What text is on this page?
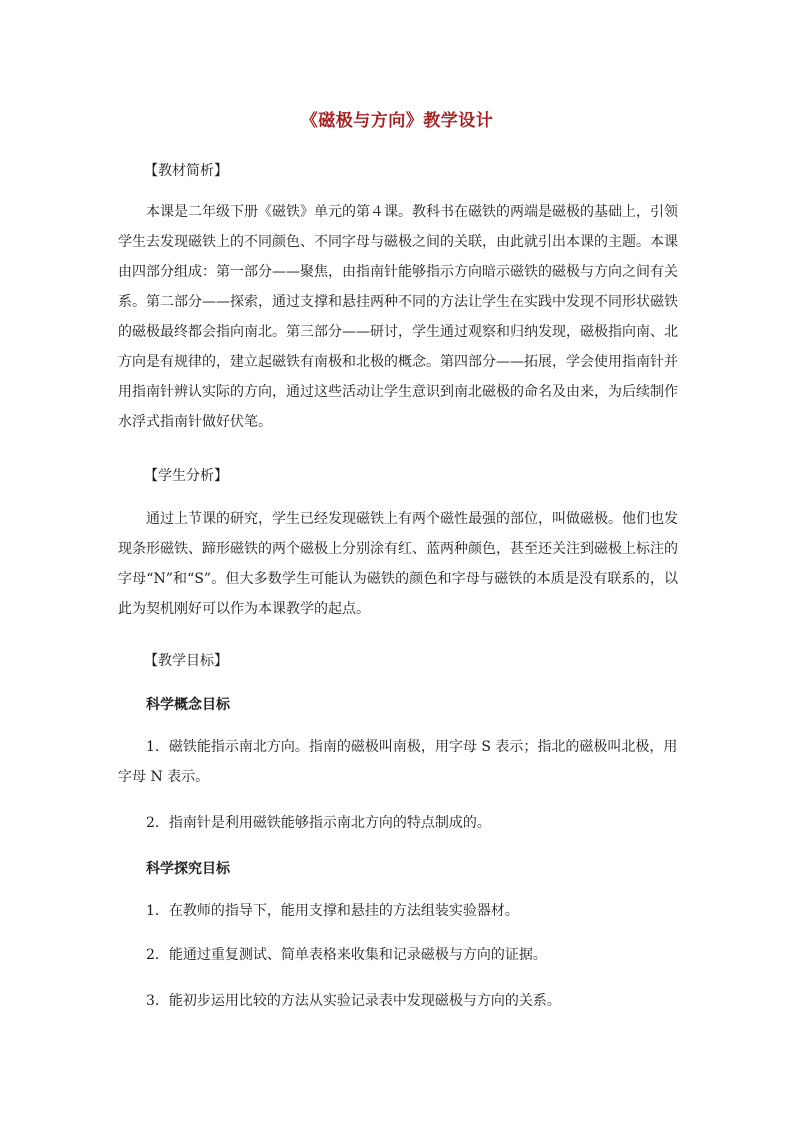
《磁极与方向》教学设计
【教材简析】
本课是二年级下册《磁铁》单元的第４课。教科书在磁铁的两端是磁极的基础上，引领学生去发现磁铁上的不同颜色、不同字母与磁极之间的关联，由此就引出本课的主题。本课由四部分组成：第一部分——聚焦，由指南针能够指示方向暗示磁铁的磁极与方向之间有关系。第二部分——探索，通过支撑和悬挂两种不同的方法让学生在实践中发现不同形状磁铁的磁极最终都会指向南北。第三部分——研讨，学生通过观察和归纳发现，磁极指向南、北方向是有规律的，建立起磁铁有南极和北极的概念。第四部分——拓展，学会使用指南针并用指南针辨认实际的方向，通过这些活动让学生意识到南北磁极的命名及由来，为后续制作水浮式指南针做好伏笔。
【学生分析】
通过上节课的研究，学生已经发现磁铁上有两个磁性最强的部位，叫做磁极。他们也发现条形磁铁、蹄形磁铁的两个磁极上分别涂有红、蓝两种颜色，甚至还关注到磁极上标注的字母“N”和“S”。但大多数学生可能认为磁铁的颜色和字母与磁铁的本质是没有联系的，以此为契机刚好可以作为本课教学的起点。
【教学目标】
科学概念目标
1．磁铁能指示南北方向。指南的磁极叫南极，用字母 S 表示；指北的磁极叫北极，用字母 N 表示。
2．指南针是利用磁铁能够指示南北方向的特点制成的。
科学探究目标
1．在教师的指导下，能用支撑和悬挂的方法组装实验器材。
2．能通过重复测试、简单表格来收集和记录磁极与方向的证据。
3．能初步运用比较的方法从实验记录表中发现磁极与方向的关系。
